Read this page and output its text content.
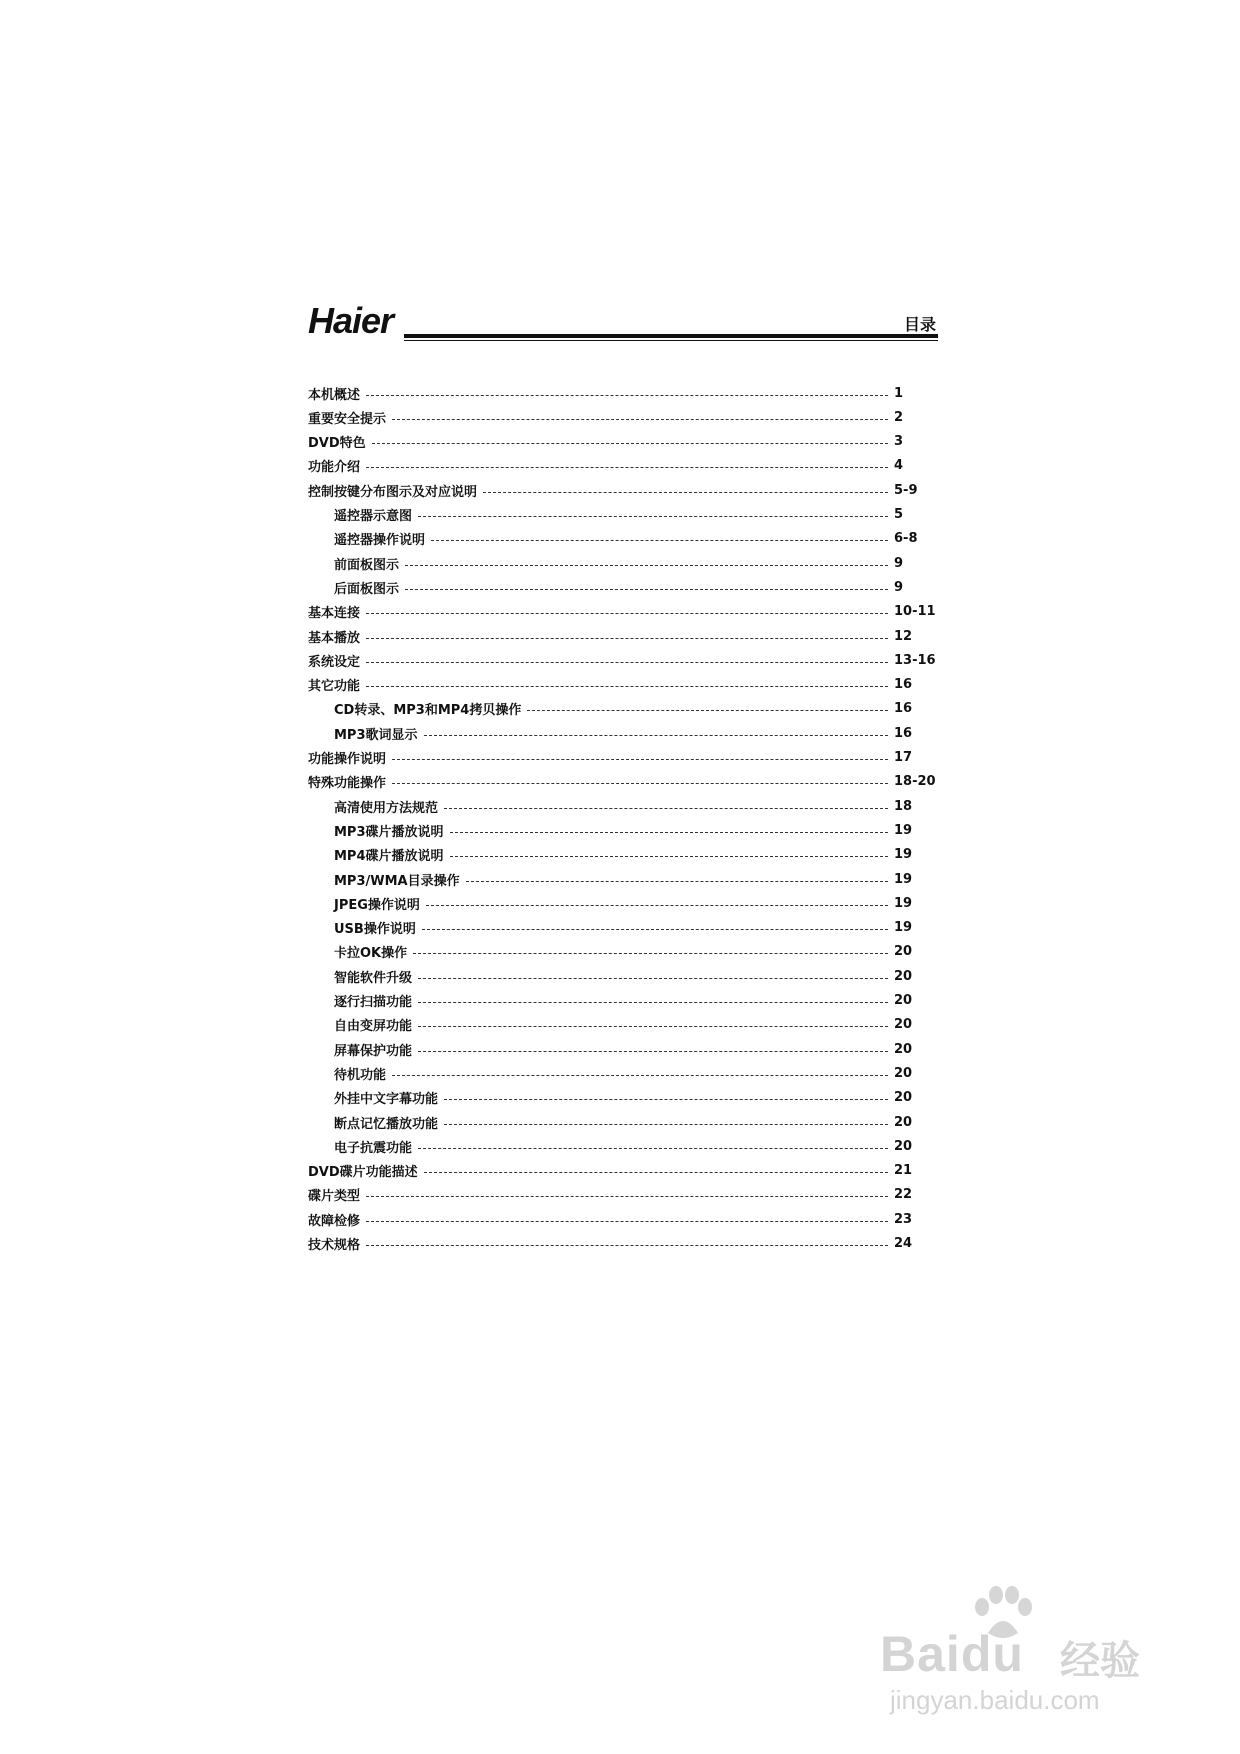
Haier	目录
本机概述	1
重要安全提示	2
DVD特色	3
功能介绍	4
控制按键分布图示及对应说明	5-9
遥控器示意图	5
遥控器操作说明	6-8
前面板图示	9
后面板图示	9
基本连接	10-11
基本播放	12
系统设定	13-16
其它功能	16
CD转录、MP3和MP4拷贝操作	16
MP3歌词显示	16
功能操作说明	17
特殊功能操作	18-20
高清使用方法规范	18
MP3碟片播放说明	19
MP4碟片播放说明	19
MP3/WMA目录操作	19
JPEG操作说明	19
USB操作说明	19
卡拉OK操作	20
智能软件升级	20
逐行扫描功能	20
自由变屏功能	20
屏幕保护功能	20
待机功能	20
外挂中文字幕功能	20
断点记忆播放功能	20
电子抗震功能	20
DVD碟片功能描述	21
碟片类型	22
故障检修	23
技术规格	24
Baidu 经验
jingyan.baidu.com
